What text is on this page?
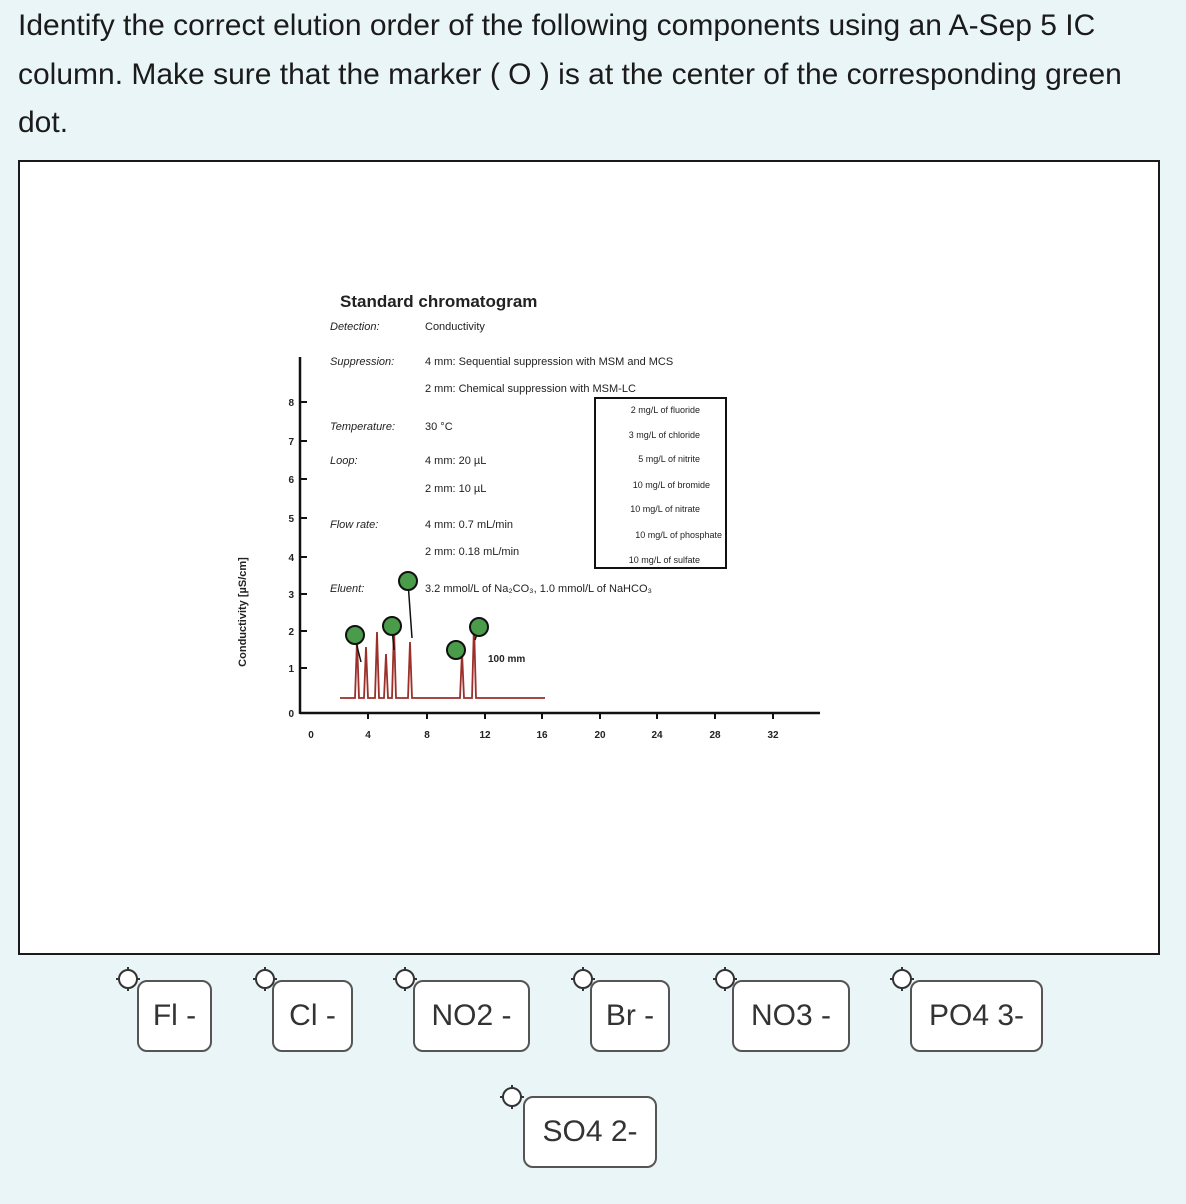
Identify the correct elution order of the following components using an A-Sep 5 IC column. Make sure that the marker ( O ) is at the center of the corresponding green dot.
Standard chromatogram
Detection:	Conductivity
Suppression:	4 mm: Sequential suppression with MSM and MCS
2 mm: Chemical suppression with MSM-LC
Temperature:	30 °C
Loop:	4 mm: 20 µL
2 mm: 10 µL
Flow rate:	4 mm: 0.7 mL/min
2 mm: 0.18 mL/min
Eluent:	3.2 mmol/L of Na₂CO₃, 1.0 mmol/L of NaHCO₃
2 mg/L of fluoride
3 mg/L of chloride
5 mg/L of nitrite
10 mg/L of bromide
10 mg/L of nitrate
10 mg/L of phosphate
10 mg/L of sulfate
Conductivity [µS/cm]
0
1
2
3
4
5
6
7
8
0	4	8	12	16	20	24	28	32
100 mm
Fl -	Cl -	NO2 -	Br -	NO3 -	PO4 3-
SO4 2-
